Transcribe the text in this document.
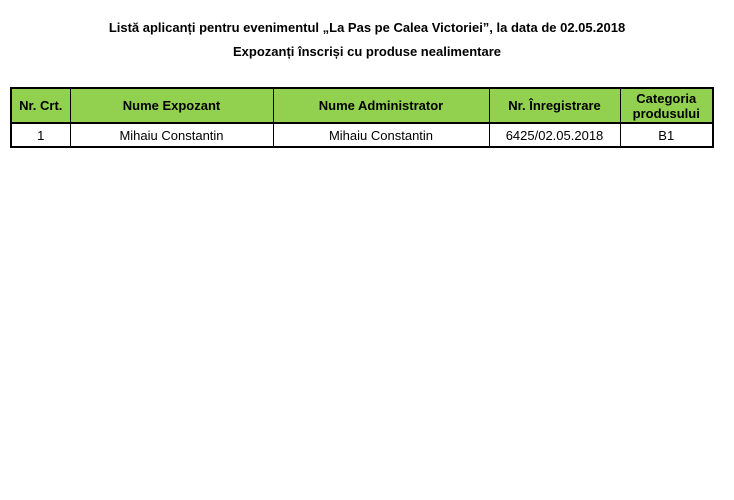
Listă aplicanți pentru evenimentul „La Pas pe Calea Victoriei”, la data de 02.05.2018
Expozanți înscriși cu produse nealimentare
Nr. Crt.	Nume Expozant	Nume Administrator	Nr. Înregistrare	Categoria produsului
1	Mihaiu Constantin	Mihaiu Constantin	6425/02.05.2018	B1
